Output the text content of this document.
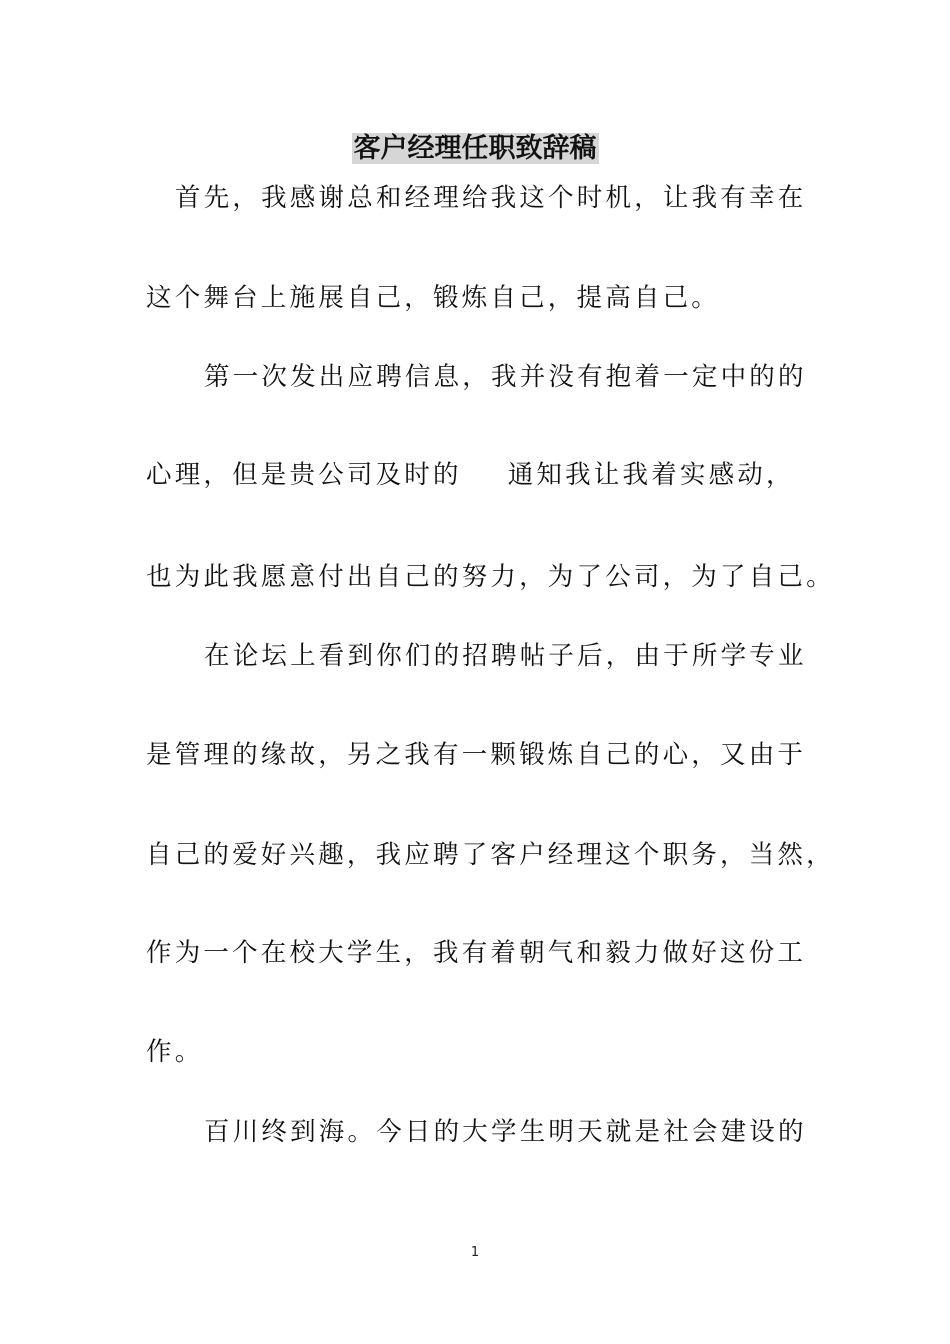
客户经理任职致辞稿
首先，我感谢总和经理给我这个时机，让我有幸在
这个舞台上施展自己，锻炼自己，提高自己。
第一次发出应聘信息，我并没有抱着一定中的的
心理，但是贵公司及时的 通知我让我着实感动，
也为此我愿意付出自己的努力，为了公司，为了自己。
在论坛上看到你们的招聘帖子后，由于所学专业
是管理的缘故，另之我有一颗锻炼自己的心，又由于
自己的爱好兴趣，我应聘了客户经理这个职务，当然，
作为一个在校大学生，我有着朝气和毅力做好这份工
作。
百川终到海。今日的大学生明天就是社会建设的
1
